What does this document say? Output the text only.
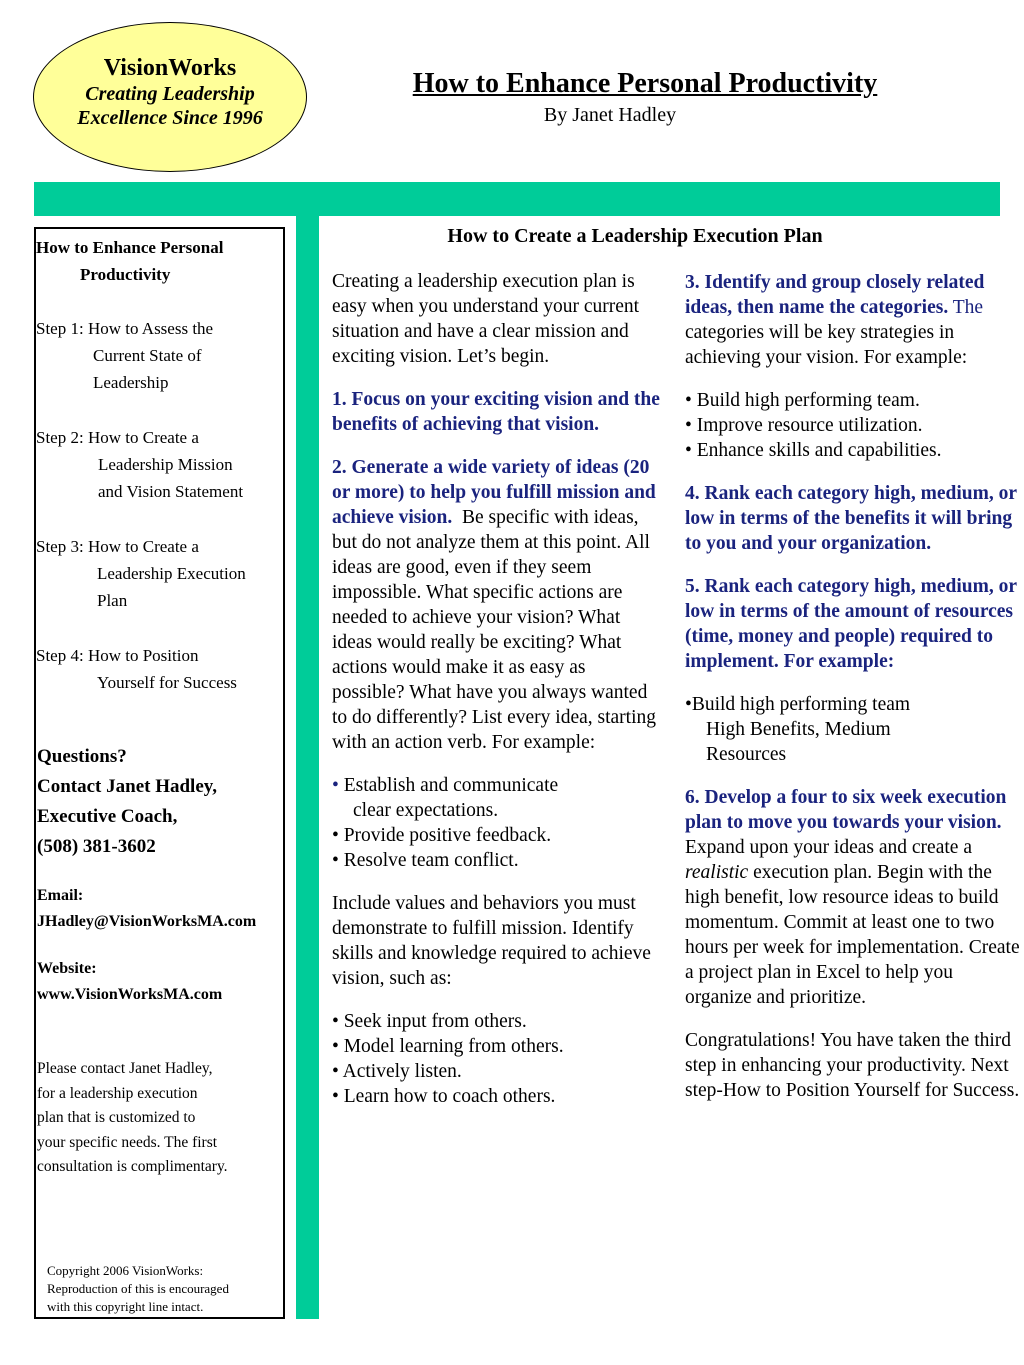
VisionWorks
Creating Leadership
Excellence Since 1996
How to Enhance Personal Productivity
By Janet Hadley
How to Enhance Personal
Productivity
Step 1: How to Assess the
Current State of
Leadership
Step 2: How to Create a
Leadership Mission
and Vision Statement
Step 3: How to Create a
Leadership Execution
Plan
Step 4: How to Position
Yourself for Success
Questions?
Contact Janet Hadley,
Executive Coach,
(508) 381-3602
Email:
JHadley@VisionWorksMA.com
Website:
www.VisionWorksMA.com
Please contact Janet Hadley,
for a leadership execution
plan that is customized to
your specific needs. The first
consultation is complimentary.
Copyright 2006 VisionWorks:
Reproduction of this is encouraged
with this copyright line intact.
How to Create a Leadership Execution Plan

Creating a leadership execution plan is easy when you understand your current situation and have a clear mission and exciting vision. Let’s begin.

1. Focus on your exciting vision and the benefits of achieving that vision.

2. Generate a wide variety of ideas (20 or more) to help you fulfill mission and achieve vision. Be specific with ideas, but do not analyze them at this point. All ideas are good, even if they seem impossible. What specific actions are needed to achieve your vision? What ideas would really be exciting? What actions would make it as easy as possible? What have you always wanted to do differently? List every idea, starting with an action verb. For example:

• Establish and communicate
clear expectations.
• Provide positive feedback.
• Resolve team conflict.

Include values and behaviors you must demonstrate to fulfill mission. Identify skills and knowledge required to achieve vision, such as:

• Seek input from others.
• Model learning from others.
• Actively listen.
• Learn how to coach others.

3. Identify and group closely related ideas, then name the categories. The categories will be key strategies in achieving your vision. For example:

• Build high performing team.
• Improve resource utilization.
• Enhance skills and capabilities.

4. Rank each category high, medium, or low in terms of the benefits it will bring to you and your organization.

5. Rank each category high, medium, or low in terms of the amount of resources (time, money and people) required to implement. For example:

•Build high performing team
High Benefits, Medium
Resources

6. Develop a four to six week execution plan to move you towards your vision. Expand upon your ideas and create a realistic execution plan. Begin with the high benefit, low resource ideas to build momentum. Commit at least one to two hours per week for implementation. Create a project plan in Excel to help you organize and prioritize.

Congratulations! You have taken the third step in enhancing your productivity. Next step-How to Position Yourself for Success.
